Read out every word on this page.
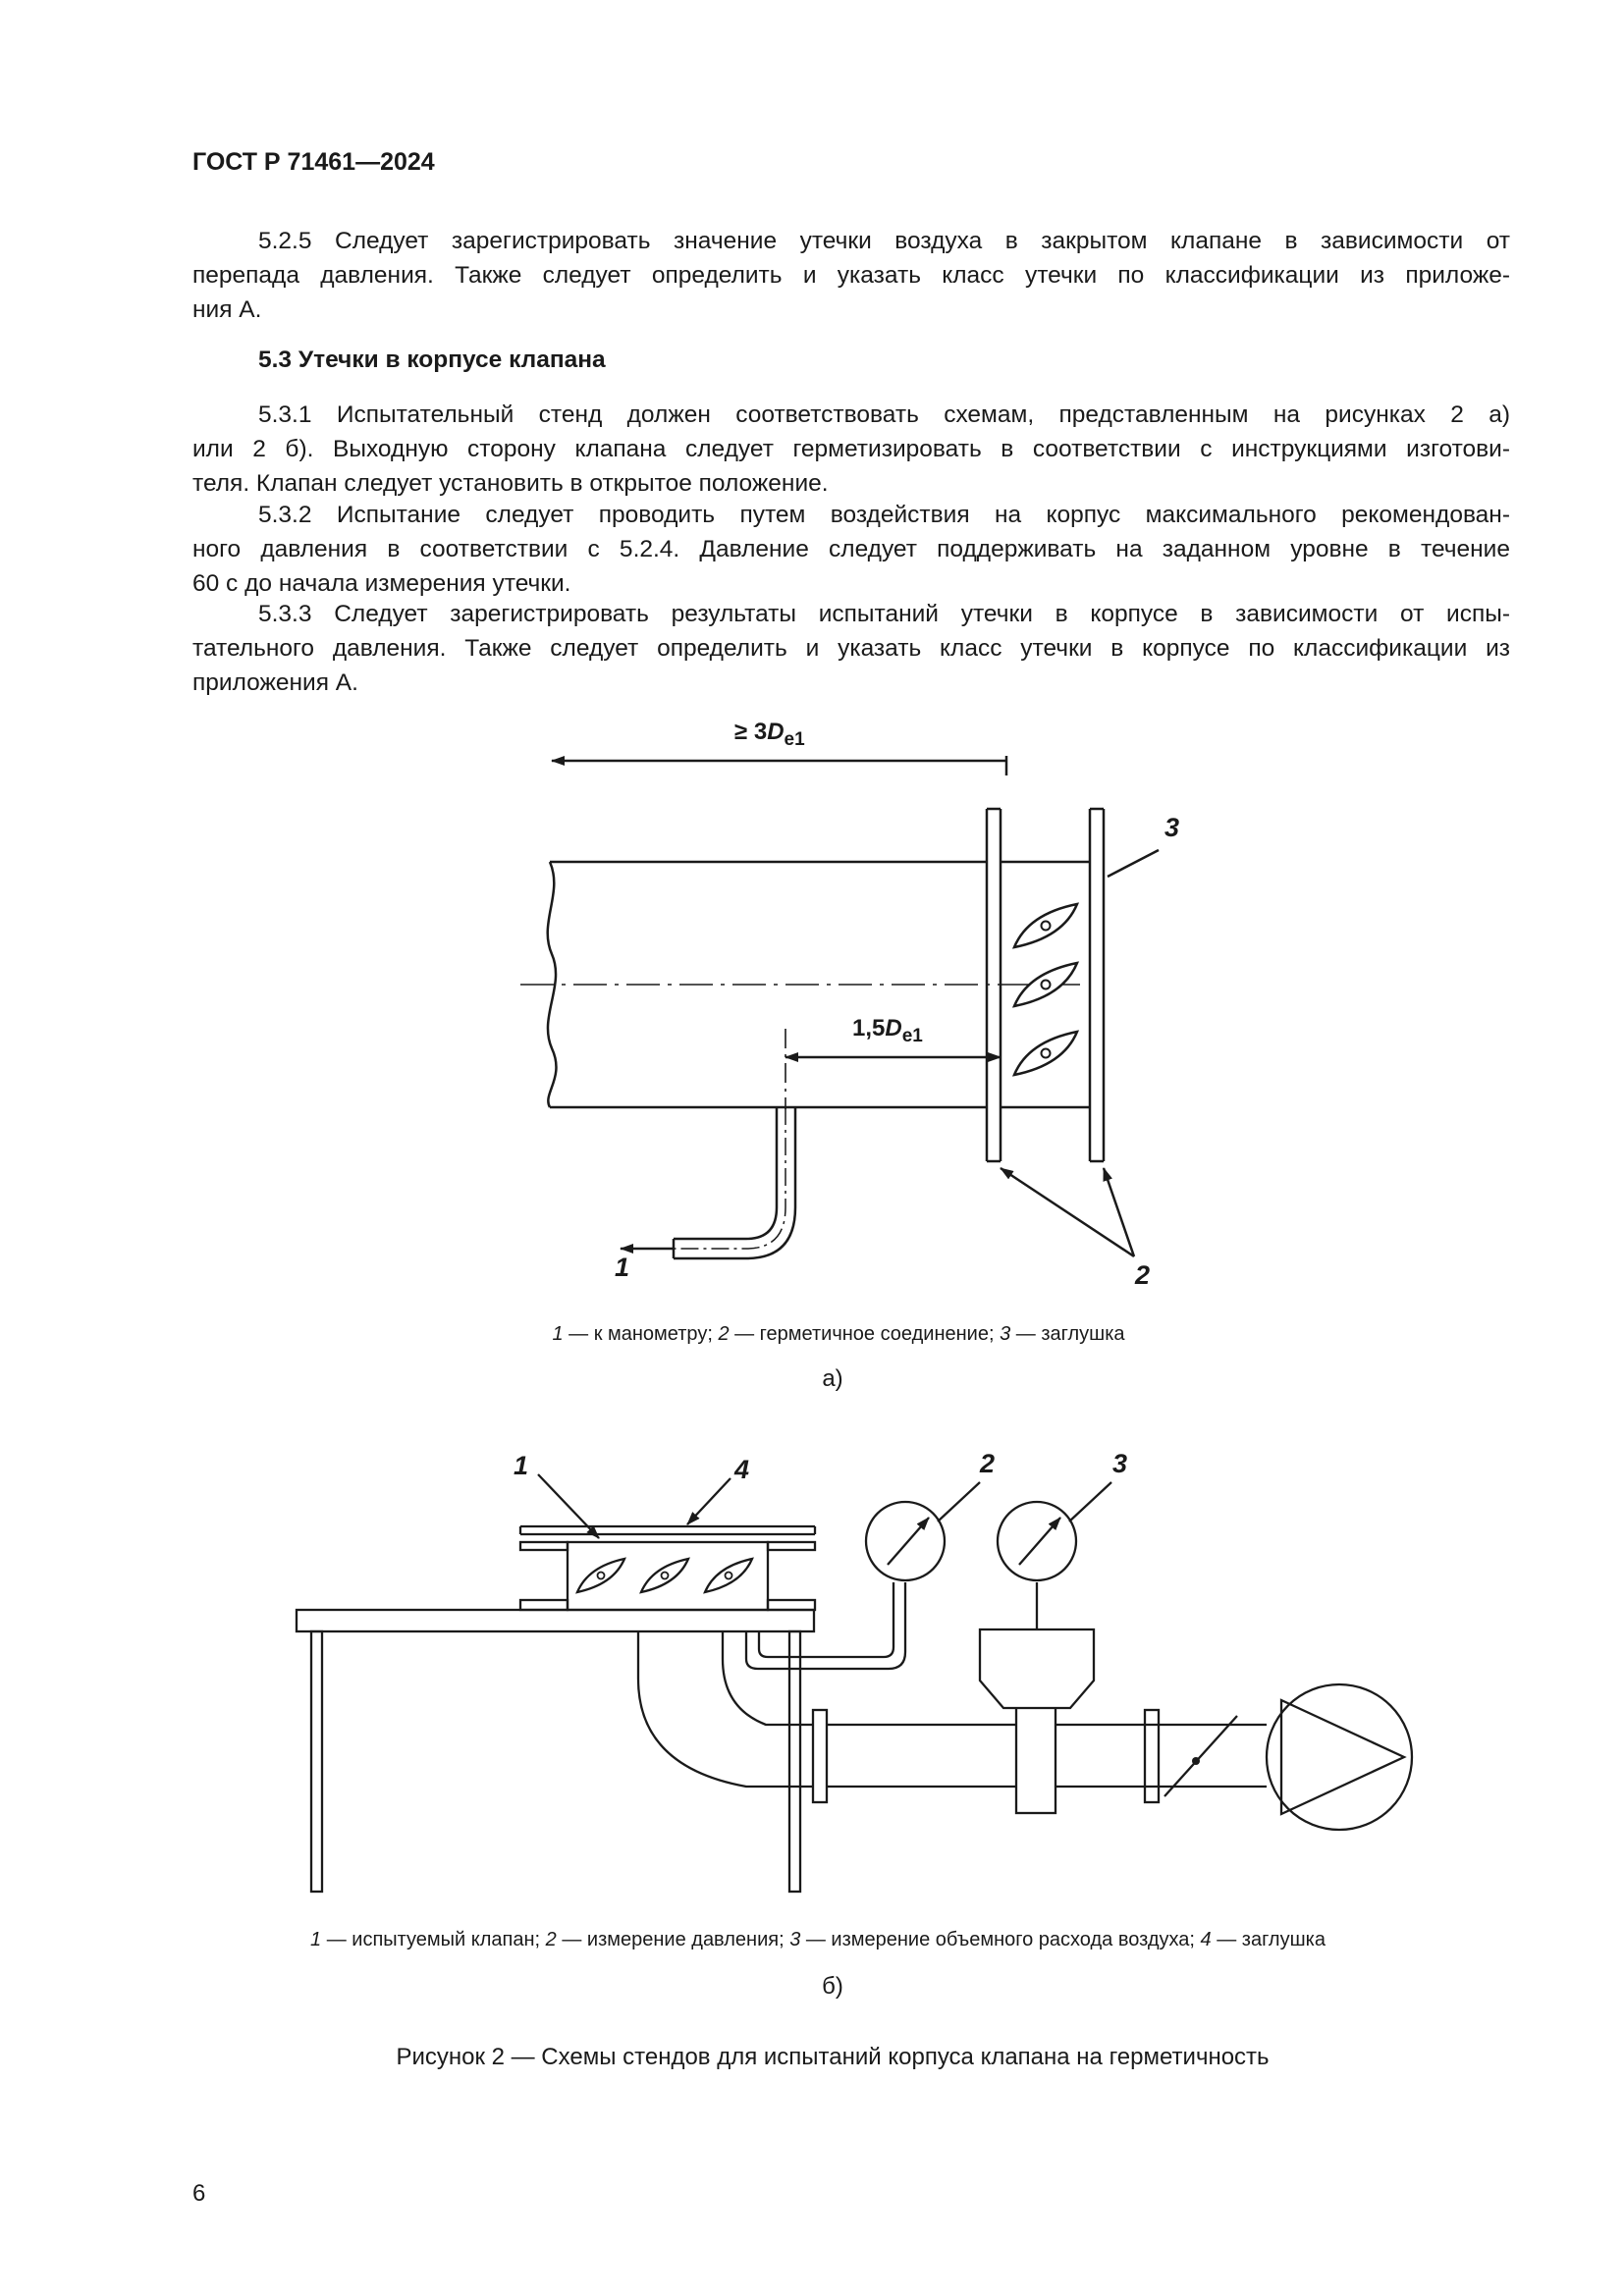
ГОСТ Р 71461—2024
5.2.5 Следует зарегистрировать значение утечки воздуха в закрытом клапане в зависимости от
перепада давления. Также следует определить и указать класс утечки по классификации из приложе-
ния А.
5.3 Утечки в корпусе клапана
5.3.1 Испытательный стенд должен соответствовать схемам, представленным на рисунках 2 а)
или 2 б). Выходную сторону клапана следует герметизировать в соответствии с инструкциями изготови-
теля. Клапан следует установить в открытое положение.
5.3.2 Испытание следует проводить путем воздействия на корпус максимального рекомендован-
ного давления в соответствии с 5.2.4. Давление следует поддерживать на заданном уровне в течение
60 с до начала измерения утечки.
5.3.3 Следует зарегистрировать результаты испытаний утечки в корпусе в зависимости от испы-
тательного давления. Также следует определить и указать класс утечки в корпусе по классификации из
приложения А.
≥ $3D_{e1}$
$1,5D_{e1}$
1	2
3
1 — к манометру; 2 — герметичное соединение; 3 — заглушка
а)
1	2	3
4
1 — испытуемый клапан; 2 — измерение давления; 3 — измерение объемного расхода воздуха; 4 — заглушка
б)
Рисунок 2 — Схемы стендов для испытаний корпуса клапана на герметичность
6
